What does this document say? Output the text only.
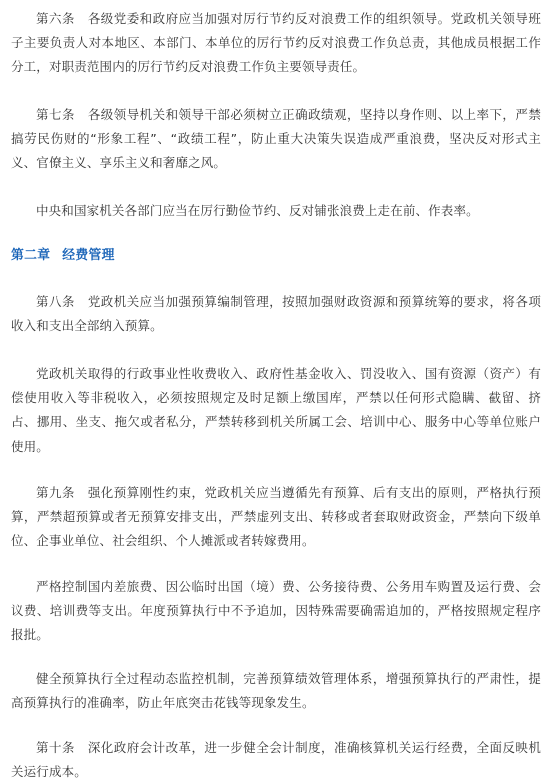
第六条　各级党委和政府应当加强对厉行节约反对浪费工作的组织领导。党政机关领导班子主要负责人对本地区、本部门、本单位的厉行节约反对浪费工作负总责，其他成员根据工作分工，对职责范围内的厉行节约反对浪费工作负主要领导责任。

第七条　各级领导机关和领导干部必须树立正确政绩观，坚持以身作则、以上率下，严禁搞劳民伤财的“形象工程”、“政绩工程”，防止重大决策失误造成严重浪费，坚决反对形式主义、官僚主义、享乐主义和奢靡之风。

中央和国家机关各部门应当在厉行勤俭节约、反对铺张浪费上走在前、作表率。

第二章 经费管理

第八条　党政机关应当加强预算编制管理，按照加强财政资源和预算统筹的要求，将各项收入和支出全部纳入预算。

党政机关取得的行政事业性收费收入、政府性基金收入、罚没收入、国有资源（资产）有偿使用收入等非税收入，必须按照规定及时足额上缴国库，严禁以任何形式隐瞒、截留、挤占、挪用、坐支、拖欠或者私分，严禁转移到机关所属工会、培训中心、服务中心等单位账户使用。

第九条　强化预算刚性约束，党政机关应当遵循先有预算、后有支出的原则，严格执行预算，严禁超预算或者无预算安排支出，严禁虚列支出、转移或者套取财政资金，严禁向下级单位、企事业单位、社会组织、个人摊派或者转嫁费用。

严格控制国内差旅费、因公临时出国（境）费、公务接待费、公务用车购置及运行费、会议费、培训费等支出。年度预算执行中不予追加，因特殊需要确需追加的，严格按照规定程序报批。

健全预算执行全过程动态监控机制，完善预算绩效管理体系，增强预算执行的严肃性，提高预算执行的准确率，防止年底突击花钱等现象发生。

第十条　深化政府会计改革，进一步健全会计制度，准确核算机关运行经费，全面反映机关运行成本。
